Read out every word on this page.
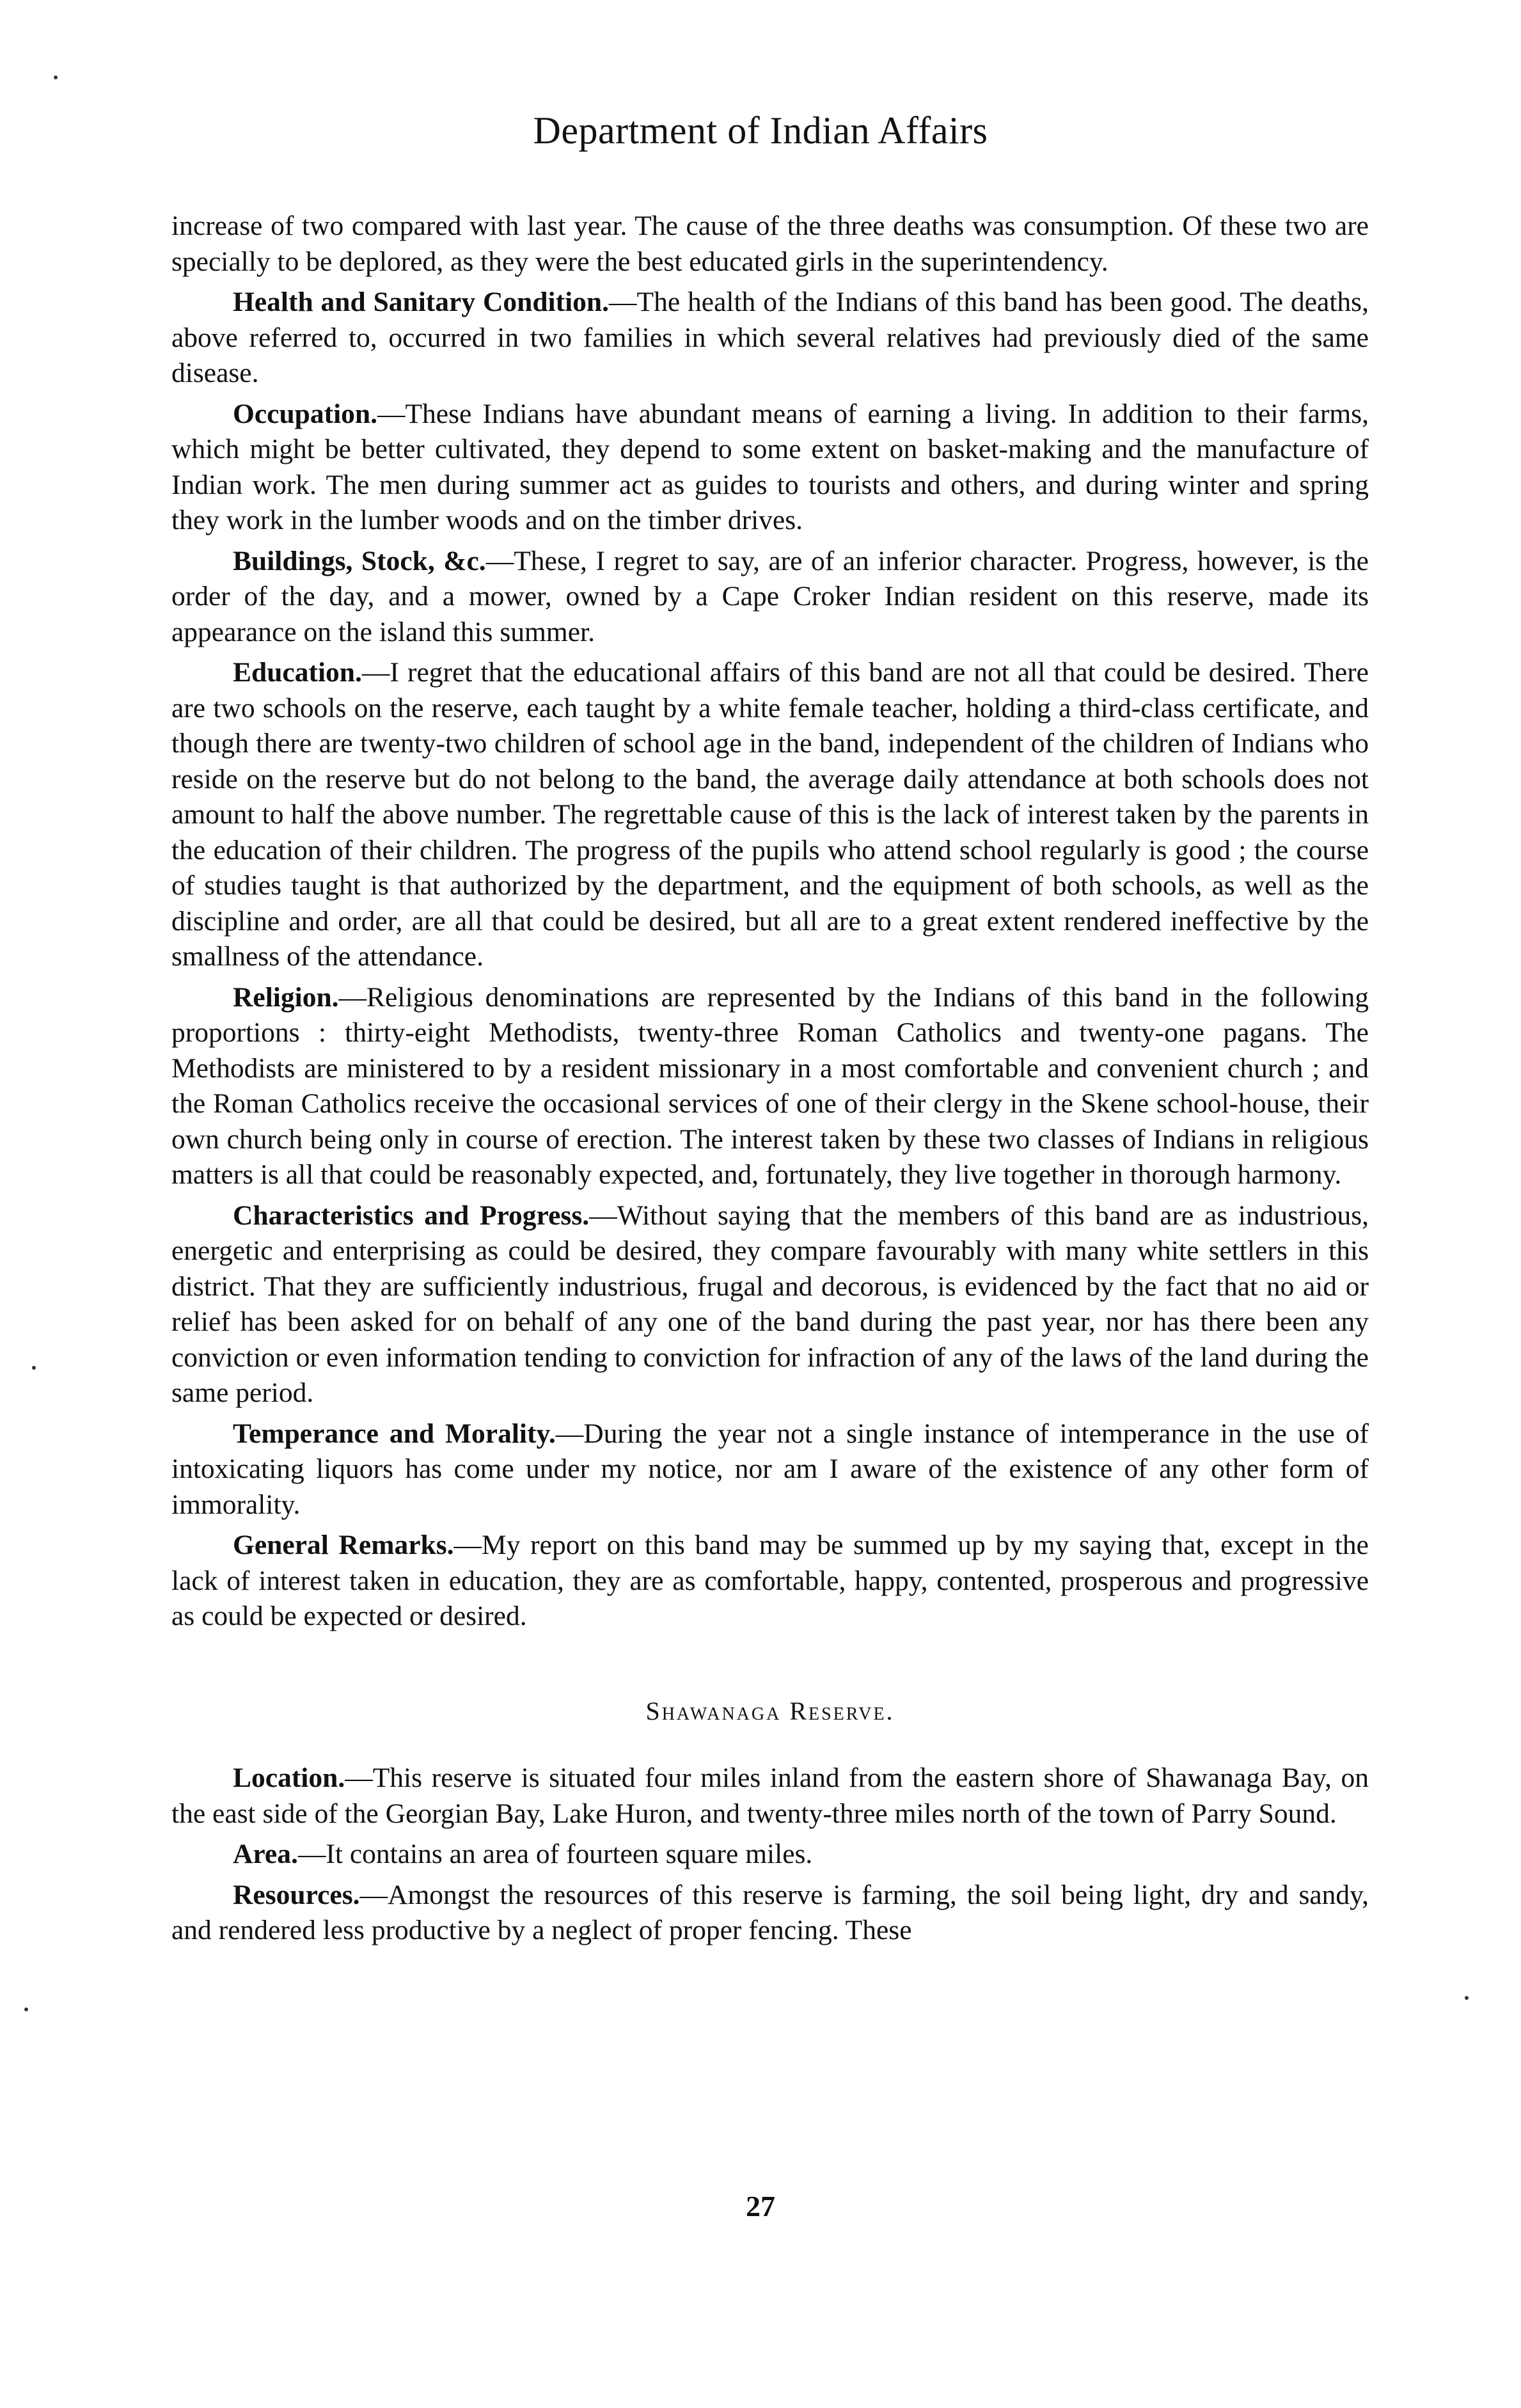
Department of Indian Affairs

increase of two compared with last year. The cause of the three deaths was consumption. Of these two are specially to be deplored, as they were the best educated girls in the superintendency.

Health and Sanitary Condition.—The health of the Indians of this band has been good. The deaths, above referred to, occurred in two families in which several relatives had previously died of the same disease.

Occupation.—These Indians have abundant means of earning a living. In addition to their farms, which might be better cultivated, they depend to some extent on basket-making and the manufacture of Indian work. The men during summer act as guides to tourists and others, and during winter and spring they work in the lumber woods and on the timber drives.

Buildings, Stock, &c.—These, I regret to say, are of an inferior character. Progress, however, is the order of the day, and a mower, owned by a Cape Croker Indian resident on this reserve, made its appearance on the island this summer.

Education.—I regret that the educational affairs of this band are not all that could be desired. There are two schools on the reserve, each taught by a white female teacher, holding a third-class certificate, and though there are twenty-two children of school age in the band, independent of the children of Indians who reside on the reserve but do not belong to the band, the average daily attendance at both schools does not amount to half the above number. The regrettable cause of this is the lack of interest taken by the parents in the education of their children. The progress of the pupils who attend school regularly is good ; the course of studies taught is that authorized by the department, and the equipment of both schools, as well as the discipline and order, are all that could be desired, but all are to a great extent rendered ineffective by the smallness of the attendance.

Religion.—Religious denominations are represented by the Indians of this band in the following proportions : thirty-eight Methodists, twenty-three Roman Catholics and twenty-one pagans. The Methodists are ministered to by a resident missionary in a most comfortable and convenient church ; and the Roman Catholics receive the occasional services of one of their clergy in the Skene school-house, their own church being only in course of erection. The interest taken by these two classes of Indians in religious matters is all that could be reasonably expected, and, fortunately, they live together in thorough harmony.

Characteristics and Progress.—Without saying that the members of this band are as industrious, energetic and enterprising as could be desired, they compare favourably with many white settlers in this district. That they are sufficiently industrious, frugal and decorous, is evidenced by the fact that no aid or relief has been asked for on behalf of any one of the band during the past year, nor has there been any conviction or even information tending to conviction for infraction of any of the laws of the land during the same period.

Temperance and Morality.—During the year not a single instance of intemperance in the use of intoxicating liquors has come under my notice, nor am I aware of the existence of any other form of immorality.

General Remarks.—My report on this band may be summed up by my saying that, except in the lack of interest taken in education, they are as comfortable, happy, contented, prosperous and progressive as could be expected or desired.

Shawanaga Reserve.

Location.—This reserve is situated four miles inland from the eastern shore of Shawanaga Bay, on the east side of the Georgian Bay, Lake Huron, and twenty-three miles north of the town of Parry Sound.

Area.—It contains an area of fourteen square miles.

Resources.—Amongst the resources of this reserve is farming, the soil being light, dry and sandy, and rendered less productive by a neglect of proper fencing. These

27
